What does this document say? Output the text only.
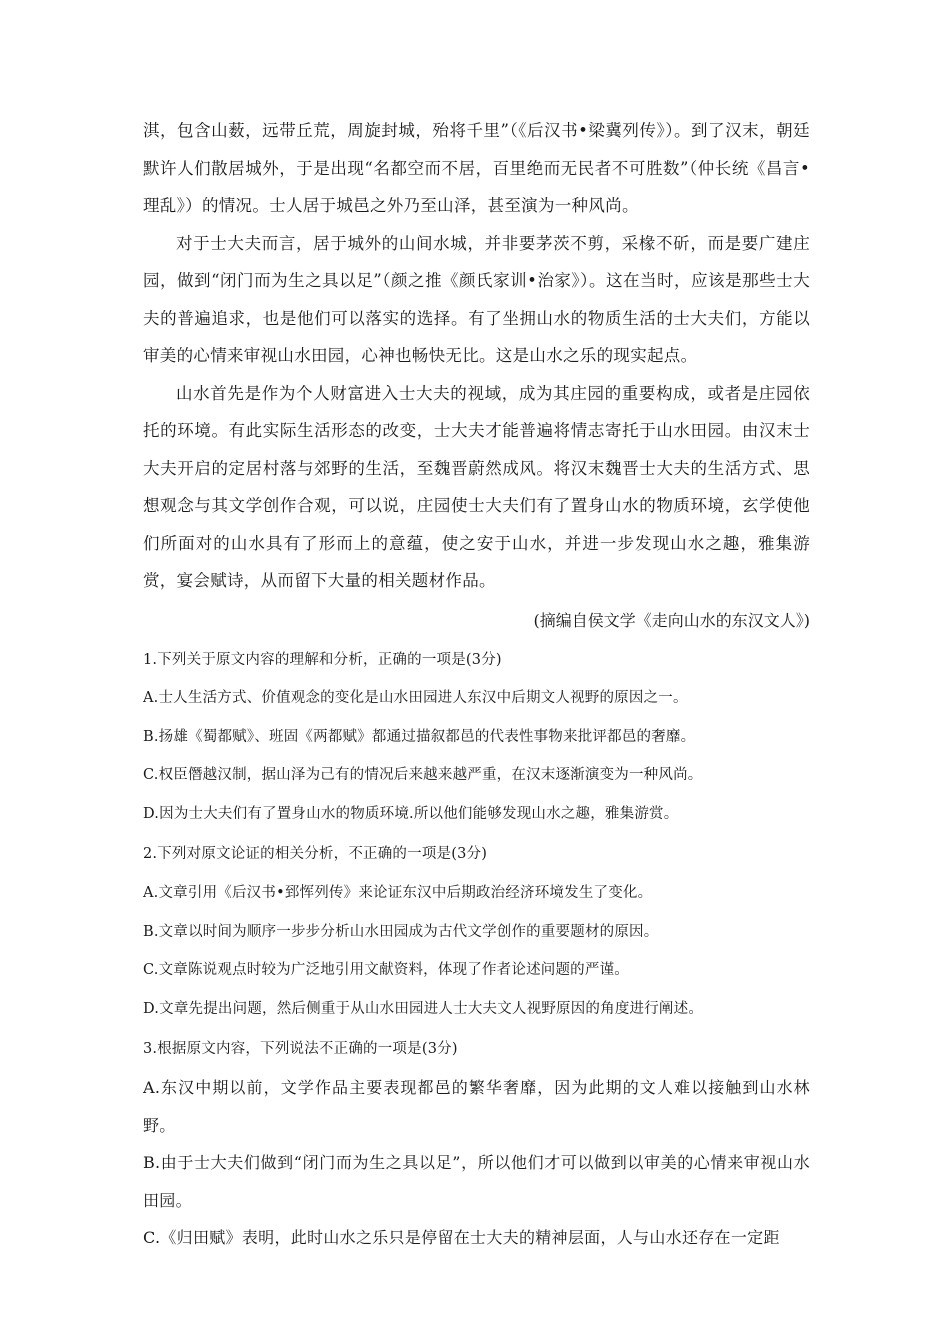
淇，包含山薮，远带丘荒，周旋封城，殆将千里”（《后汉书•梁冀列传》）。到了汉末，朝廷默许人们散居城外，于是出现“名都空而不居，百里绝而无民者不可胜数”（仲长统《昌言•理乱》）的情况。士人居于城邑之外乃至山泽，甚至演为一种风尚。

对于士大夫而言，居于城外的山间水城，并非要茅茨不剪，采椽不斫，而是要广建庄园，做到“闭门而为生之具以足”（颜之推《颜氏家训•治家》）。这在当时，应该是那些士大夫的普遍追求，也是他们可以落实的选择。有了坐拥山水的物质生活的士大夫们，方能以审美的心情来审视山水田园，心神也畅快无比。这是山水之乐的现实起点。

山水首先是作为个人财富进入士大夫的视域，成为其庄园的重要构成，或者是庄园依托的环境。有此实际生活形态的改变，士大夫才能普遍将情志寄托于山水田园。由汉末士大夫开启的定居村落与郊野的生活，至魏晋蔚然成风。将汉末魏晋士大夫的生活方式、思想观念与其文学创作合观，可以说，庄园使士大夫们有了置身山水的物质环境，玄学使他们所面对的山水具有了形而上的意蕴，使之安于山水，并进一步发现山水之趣，雅集游赏，宴会赋诗，从而留下大量的相关题材作品。

(摘编自侯文学《走向山水的东汉文人》)

1.下列关于原文内容的理解和分析，正确的一项是(3分)

A.士人生活方式、价值观念的变化是山水田园进人东汉中后期文人视野的原因之一。

B.扬雄《蜀都赋》、班固《两都赋》都通过描叙都邑的代表性事物来批评都邑的奢靡。

C.权臣僭越汉制，据山泽为己有的情况后来越来越严重，在汉末逐渐演变为一种风尚。

D.因为士大夫们有了置身山水的物质环境.所以他们能够发现山水之趣，雅集游赏。

2.下列对原文论证的相关分析，不正确的一项是(3分)

A.文章引用《后汉书•郅恽列传》来论证东汉中后期政治经济环境发生了变化。

B.文章以时间为顺序一步步分析山水田园成为古代文学创作的重要题材的原因。

C.文章陈说观点时较为广泛地引用文献资料，体现了作者论述问题的严谨。

D.文章先提出问题，然后侧重于从山水田园进人士大夫文人视野原因的角度进行阐述。

3.根据原文内容，下列说法不正确的一项是(3分)

A.东汉中期以前，文学作品主要表现都邑的繁华奢靡，因为此期的文人难以接触到山水林野。

B.由于士大夫们做到“闭门而为生之具以足”，所以他们才可以做到以审美的心情来审视山水田园。

C.《归田赋》表明，此时山水之乐只是停留在士大夫的精神层面，人与山水还存在一定距
